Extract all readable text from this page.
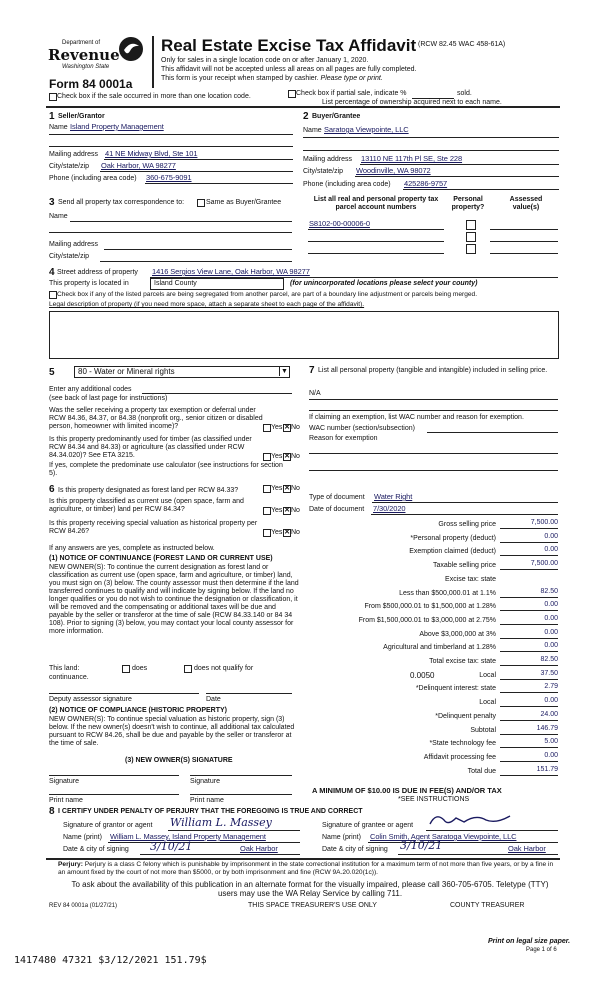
Department of
Revenue
Washington State
Form 84 0001a
Real Estate Excise Tax Affidavit (RCW 82.45 WAC 458-61A)
Only for sales in a single location code on or after January 1, 2020.
This affidavit will not be accepted unless all areas on all pages are fully completed.
This form is your receipt when stamped by cashier. Please type or print.
Check box if the sale occurred in more than one location code.	Check box if partial sale, indicate %	sold.
List percentage of ownership acquired next to each name.
1 Seller/Grantor
Name Island Property Management
Mailing address 41 NE Midway Blvd, Ste 101
City/state/zip Oak Harbor, WA 98277
Phone (including area code) 360-675-9091
2 Buyer/Grantee
Name Saratoga Viewpointe, LLC
Mailing address 13110 NE 117th Pl SE, Ste 228
City/state/zip Woodinville, WA 98072
Phone (including area code) 425286-9757
3 Send all property tax correspondence to:	Same as Buyer/Grantee
Name
Mailing address
City/state/zip
List all real and personal property tax parcel account numbers
Personal property?
Assessed value(s)
S8102-00-00006-0
4 Street address of property 1416 Sergios View Lane, Oak Harbor, WA 98277
This property is located in	Island County	(for unincorporated locations please select your county)
Check box if any of the listed parcels are being segregated from another parcel, are part of a boundary line adjustment or parcels being merged.
Legal description of property (if you need more space, attach a separate sheet to each page of the affidavit).
5	80 - Water or Mineral rights	▼
Enter any additional codes
(see back of last page for instructions)
Was the seller receiving a property tax exemption or deferral under RCW 84.36, 84.37, or 84.38 (nonprofit org., senior citizen or disabled person, homeowner with limited income)?	Yes ✕ No
Is this property predominantly used for timber (as classified under RCW 84.34 and 84.33) or agriculture (as classified under RCW 84.34.020)? See ETA 3215.	Yes ✕ No
If yes, complete the predominate use calculator (see instructions for section 5).
6 Is this property designated as forest land per RCW 84.33?	Yes ✕ No
Is this property classified as current use (open space, farm and agriculture, or timber) land per RCW 84.34?	Yes ✕ No
Is this property receiving special valuation as historical property per RCW 84.26?	Yes ✕ No
If any answers are yes, complete as instructed below.
(1) NOTICE OF CONTINUANCE (FOREST LAND OR CURRENT USE)
NEW OWNER(S): To continue the current designation as forest land or classification as current use (open space, farm and agriculture, or timber) land, you must sign on (3) below. The county assessor must then determine if the land transferred continues to qualify and will indicate by signing below. If the land no longer qualifies or you do not wish to continue the designation or classification, it will be removed and the compensating or additional taxes will be due and payable by the seller or transferor at the time of sale (RCW 84.33.140 or 84 34 108). Prior to signing (3) below, you may contact your local county assessor for more information.
This land:	does	does not qualify for
continuance.
Deputy assessor signature	Date
(2) NOTICE OF COMPLIANCE (HISTORIC PROPERTY)
NEW OWNER(S): To continue special valuation as historic property, sign (3) below. If the new owner(s) doesn't wish to continue, all additional tax calculated pursuant to RCW 84.26, shall be due and payable by the seller or transferor at the time of sale.
(3) NEW OWNER(S) SIGNATURE
Signature	Signature
Print name	Print name
7 List all personal property (tangible and intangible) included in selling price.
N/A
If claiming an exemption, list WAC number and reason for exemption.
WAC number (section/subsection)
Reason for exemption
Type of document Water Right
Date of document 7/30/2020
Gross selling price	7,500.00
*Personal property (deduct)	0.00
Exemption claimed (deduct)	0.00
Taxable selling price	7,500.00
Excise tax: state
Less than $500,000.01 at 1.1%	82.50
From $500,000.01 to $1,500,000 at 1.28%	0.00
From $1,500,000.01 to $3,000,000 at 2.75%	0.00
Above $3,000,000 at 3%	0.00
Agricultural and timberland at 1.28%	0.00
Total excise tax: state	82.50
Local
0.0050	37.50
*Delinquent interest: state	2.79
Local	0.00
*Delinquent penalty	24.00
Subtotal	146.79
*State technology fee	5.00
Affidavit processing fee	0.00
Total due	151.79
A MINIMUM OF $10.00 IS DUE IN FEE(S) AND/OR TAX
*SEE INSTRUCTIONS
8 I CERTIFY UNDER PENALTY OF PERJURY THAT THE FOREGOING IS TRUE AND CORRECT
Signature of grantor or agent William L. Massey
Name (print) William L. Massey, Island Property Management
Date & city of signing 3/10/21	Oak Harbor
Signature of grantee or agent
Name (print) Colin Smith, Agent Saratoga Viewpointe, LLC
Date & city of signing 3/10/21	Oak Harbor
Perjury: Perjury is a class C felony which is punishable by imprisonment in the state correctional institution for a maximum term of not more than five years, or by a fine in an amount fixed by the court of not more than $5000, or by both imprisonment and fine (RCW 9A.20.020(1c)).
To ask about the availability of this publication in an alternate format for the visually impaired, please call 360-705-6705. Teletype (TTY) users may use the WA Relay Service by calling 711.
REV 84 0001a (01/27/21)	THIS SPACE TREASURER'S USE ONLY	COUNTY TREASURER
Print on legal size paper.
Page 1 of 6
1417480 47321 $3/12/2021 151.79$
